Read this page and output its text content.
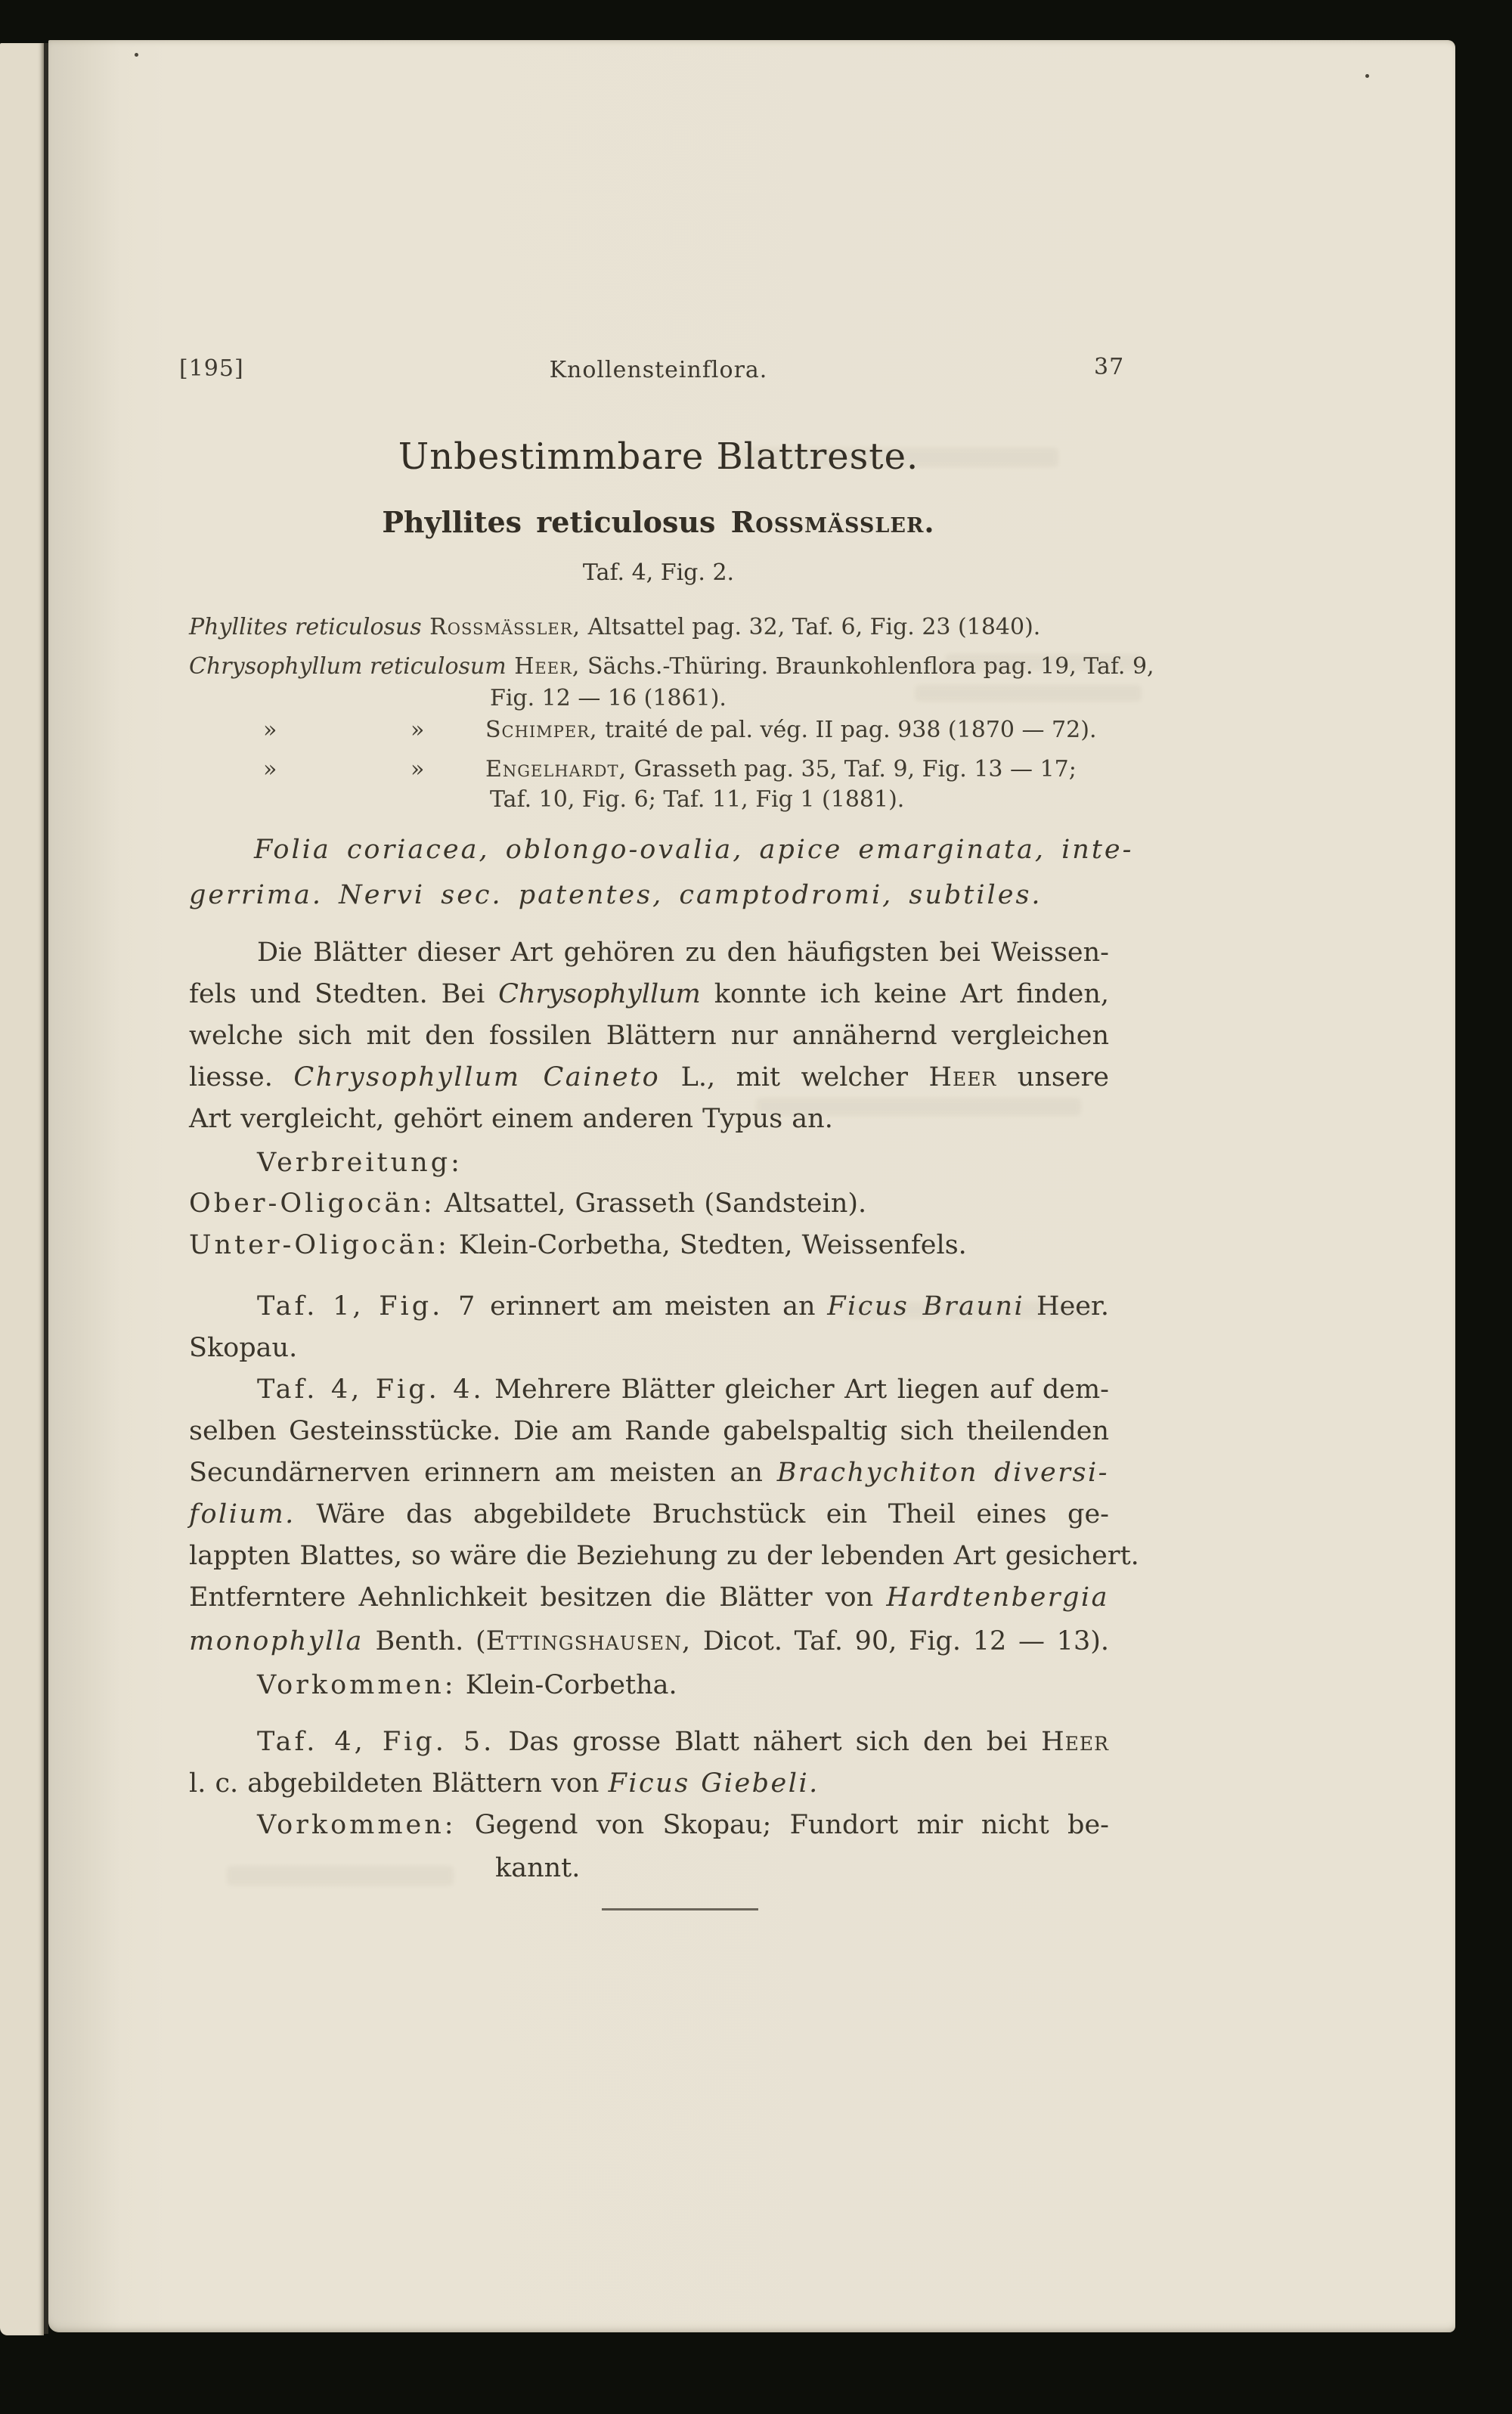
[195]	Knollensteinflora.	37
Unbestimmbare Blattreste.
Phyllites reticulosus Rossmässler.
Taf. 4, Fig. 2.
Phyllites reticulosus Rossmässler, Altsattel pag. 32, Taf. 6, Fig. 23 (1840).
Chrysophyllum reticulosum Heer, Sächs.-Thüring. Braunkohlenflora pag. 19, Taf. 9,
Fig. 12 — 16 (1861).
»	»	Schimper, traité de pal. vég. II pag. 938 (1870 — 72).
»	»	Engelhardt, Grasseth pag. 35, Taf. 9, Fig. 13 — 17;
Taf. 10, Fig. 6; Taf. 11, Fig 1 (1881).
Folia coriacea, oblongo-ovalia, apice emarginata, inte-
gerrima. Nervi sec. patentes, camptodromi, subtiles.
Die Blätter dieser Art gehören zu den häufigsten bei Weissen-
fels und Stedten. Bei Chrysophyllum konnte ich keine Art finden,
welche sich mit den fossilen Blättern nur annähernd vergleichen
liesse. Chrysophyllum Caineto L., mit welcher Heer unsere
Art vergleicht, gehört einem anderen Typus an.
Verbreitung:
Ober-Oligocän: Altsattel, Grasseth (Sandstein).
Unter-Oligocän: Klein-Corbetha, Stedten, Weissenfels.
Taf. 1, Fig. 7 erinnert am meisten an Ficus Brauni Heer.
Skopau.
Taf. 4, Fig. 4. Mehrere Blätter gleicher Art liegen auf dem-
selben Gesteinsstücke. Die am Rande gabelspaltig sich theilenden
Secundärnerven erinnern am meisten an Brachychiton diversi-
folium. Wäre das abgebildete Bruchstück ein Theil eines ge-
lappten Blattes, so wäre die Beziehung zu der lebenden Art gesichert.
Entferntere Aehnlichkeit besitzen die Blätter von Hardtenbergia
monophylla Benth. (Ettingshausen, Dicot. Taf. 90, Fig. 12 — 13).
Vorkommen: Klein-Corbetha.
Taf. 4, Fig. 5. Das grosse Blatt nähert sich den bei Heer
l. c. abgebildeten Blättern von Ficus Giebeli.
Vorkommen: Gegend von Skopau; Fundort mir nicht be-
kannt.
